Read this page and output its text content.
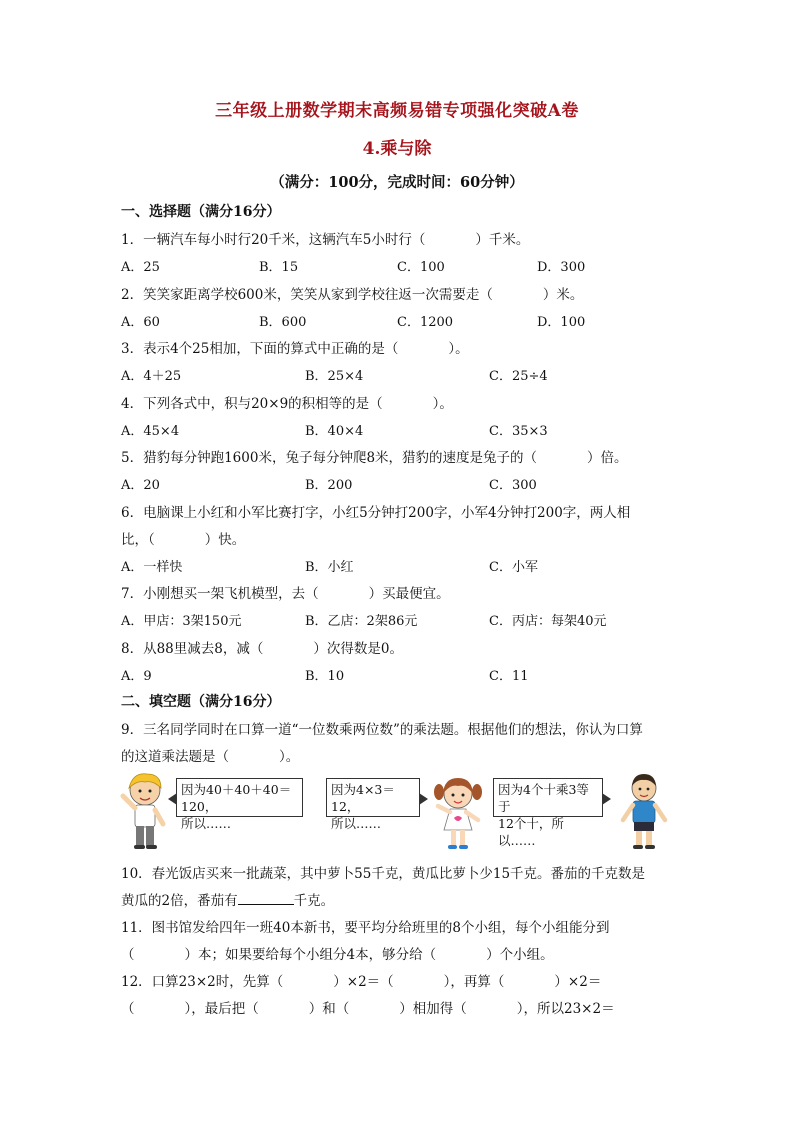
三年级上册数学期末高频易错专项强化突破A卷
4.乘与除
（满分：100分，完成时间：60分钟）
一、选择题（满分16分）
1．一辆汽车每小时行20千米，这辆汽车5小时行（	）千米。
A．25	B．15	C．100	D．300
2．笑笑家距离学校600米，笑笑从家到学校往返一次需要走（	）米。
A．60	B．600	C．1200	D．100
3．表示4个25相加，下面的算式中正确的是（	）。
A．4＋25	B．25×4	C．25÷4
4．下列各式中，积与20×9的积相等的是（	）。
A．45×4	B．40×4	C．35×3
5．猎豹每分钟跑1600米，兔子每分钟爬8米，猎豹的速度是兔子的（	）倍。
A．20	B．200	C．300
6．电脑课上小红和小军比赛打字，小红5分钟打200字，小军4分钟打200字，两人相
比，（	）快。
A．一样快	B．小红	C．小军
7．小刚想买一架飞机模型，去（	）买最便宜。
A．甲店：3架150元	B．乙店：2架86元	C．丙店：每架40元
8．从88里减去8，减（	）次得数是0。
A．9	B．10	C．11
二、填空题（满分16分）
9．三名同学同时在口算一道“一位数乘两位数”的乘法题。根据他们的想法，你认为口算
的这道乘法题是（	）。
因为40＋40＋40＝120，
所以……
因为4×3＝12，
所以……
因为4个十乘3等于
12个十，所以……
10．春光饭店买来一批蔬菜，其中萝卜55千克，黄瓜比萝卜少15千克。番茄的千克数是
黄瓜的2倍，番茄有	千克。
11．图书馆发给四年一班40本新书，要平均分给班里的8个小组，每个小组能分到
（	）本；如果要给每个小组分4本，够分给（	）个小组。
12．口算23×2时，先算（	）×2＝（	），再算（	）×2＝
（	），最后把（	）和（	）相加得（	），所以23×2＝
